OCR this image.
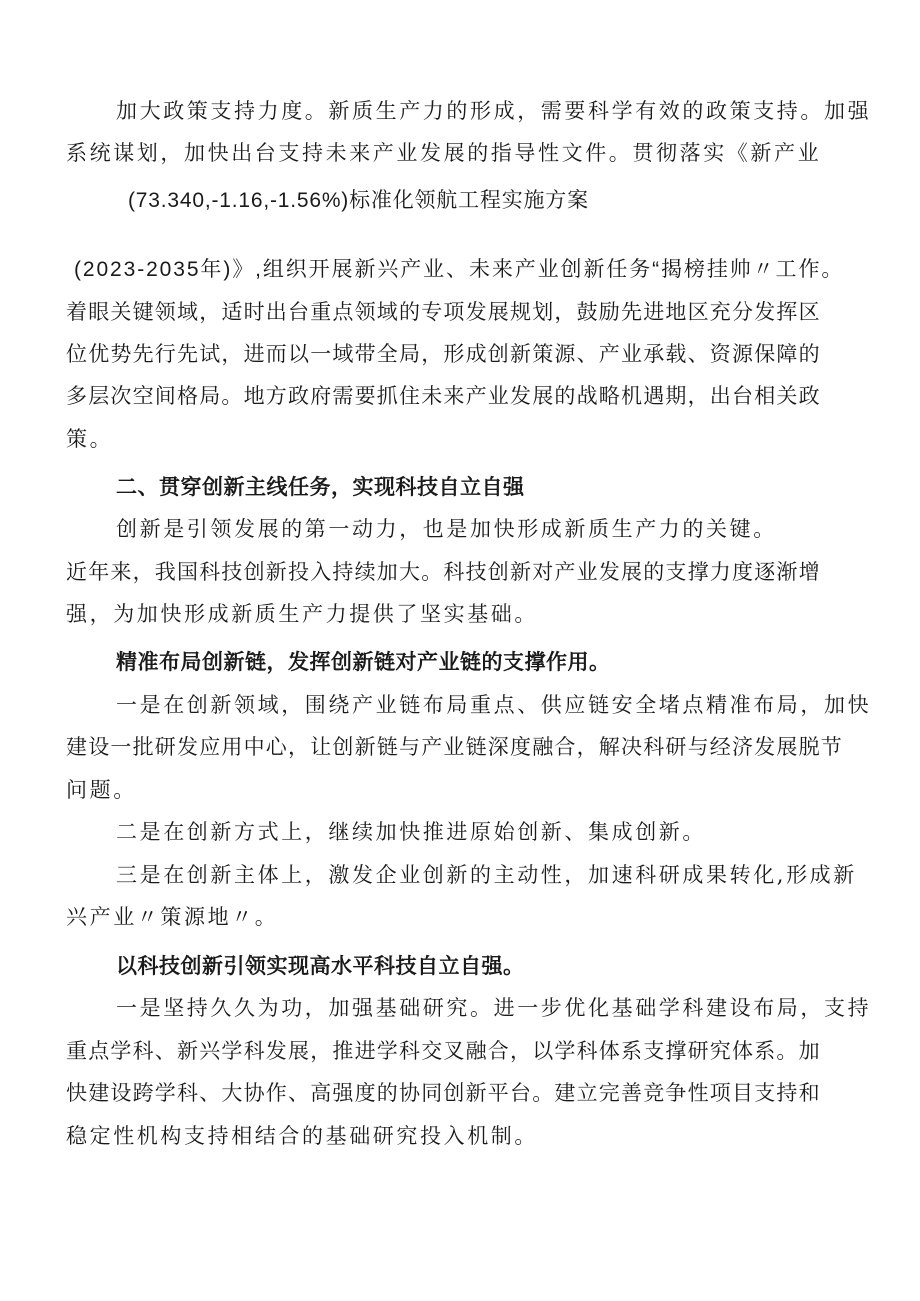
加大政策支持力度。新质生产力的形成，需要科学有效的政策支持。加强
系统谋划，加快出台支持未来产业发展的指导性文件。贯彻落实《新产业
(73.340,-1.16,-1.56%)标准化领航工程实施方案
(2023-2035年)》,组织开展新兴产业、未来产业创新任务“揭榜挂帅〃工作。
着眼关键领域，适时出台重点领域的专项发展规划，鼓励先进地区充分发挥区
位优势先行先试，进而以一域带全局，形成创新策源、产业承载、资源保障的
多层次空间格局。地方政府需要抓住未来产业发展的战略机遇期，出台相关政
策。
二、贯穿创新主线任务，实现科技自立自强
创新是引领发展的第一动力，也是加快形成新质生产力的关键。
近年来，我国科技创新投入持续加大。科技创新对产业发展的支撑力度逐渐增
强，为加快形成新质生产力提供了坚实基础。
精准布局创新链，发挥创新链对产业链的支撑作用。
一是在创新领域，围绕产业链布局重点、供应链安全堵点精准布局，加快
建设一批研发应用中心，让创新链与产业链深度融合，解决科研与经济发展脱节
问题。
二是在创新方式上，继续加快推进原始创新、集成创新。
三是在创新主体上，激发企业创新的主动性，加速科研成果转化,形成新
兴产业〃策源地〃。
以科技创新引领实现高水平科技自立自强。
一是坚持久久为功，加强基础研究。进一步优化基础学科建设布局，支持
重点学科、新兴学科发展，推进学科交叉融合，以学科体系支撑研究体系。加
快建设跨学科、大协作、高强度的协同创新平台。建立完善竞争性项目支持和
稳定性机构支持相结合的基础研究投入机制。
